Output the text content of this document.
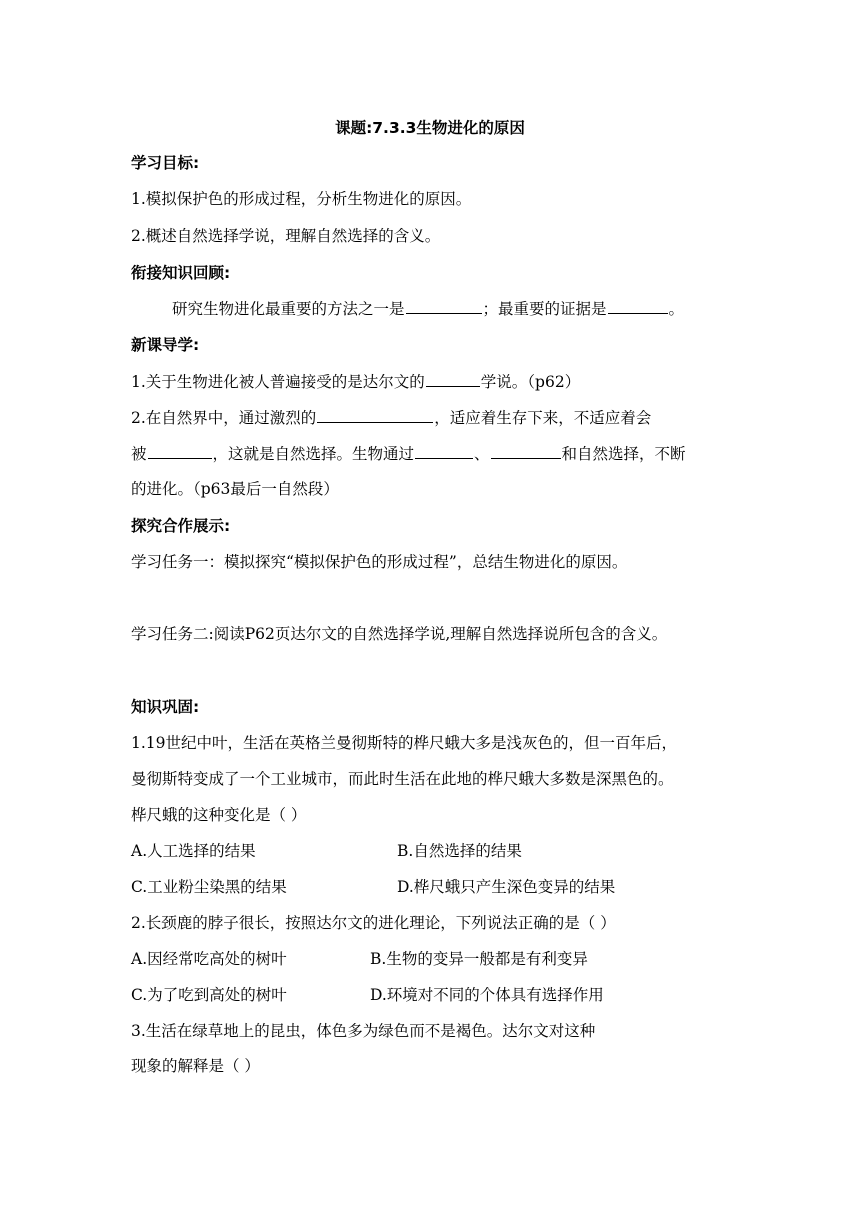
课题:7.3.3生物进化的原因
学习目标:
1.模拟保护色的形成过程，分析生物进化的原因。
2.概述自然选择学说，理解自然选择的含义。
衔接知识回顾:
研究生物进化最重要的方法之一是	；最重要的证据是	。
新课导学:
1.关于生物进化被人普遍接受的是达尔文的	学说。（p62）
2.在自然界中，通过激烈的	，适应着生存下来，不适应着会
被	，这就是自然选择。生物通过	、	和自然选择，不断
的进化。（p63最后一自然段）
探究合作展示:
学习任务一：模拟探究“模拟保护色的形成过程”，总结生物进化的原因。
学习任务二:阅读P62页达尔文的自然选择学说,理解自然选择说所包含的含义。
知识巩固:
1.19世纪中叶，生活在英格兰曼彻斯特的桦尺蛾大多是浅灰色的，但一百年后，
曼彻斯特变成了一个工业城市，而此时生活在此地的桦尺蛾大多数是深黑色的。
桦尺蛾的这种变化是（ ）
A.人工选择的结果	B.自然选择的结果
C.工业粉尘染黑的结果	D.桦尺蛾只产生深色变异的结果
2.长颈鹿的脖子很长，按照达尔文的进化理论，下列说法正确的是（ ）
A.因经常吃高处的树叶	B.生物的变异一般都是有利变异
C.为了吃到高处的树叶	D.环境对不同的个体具有选择作用
3.生活在绿草地上的昆虫，体色多为绿色而不是褐色。达尔文对这种
现象的解释是（ ）
